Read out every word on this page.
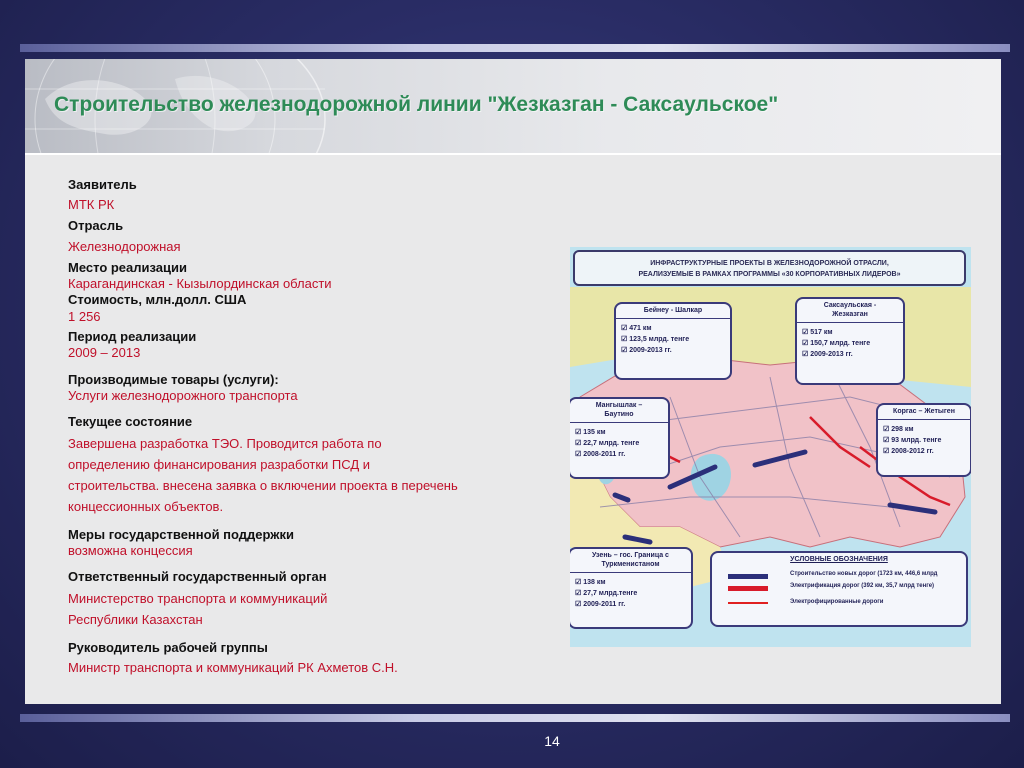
Строительство железнодорожной линии "Жезказган - Саксаульское"
Заявитель
МТК РК
Отрасль
Железнодорожная
Место реализации
Карагандинская - Кызылординская области
Стоимость, млн.долл. США
1 256
Период реализации
2009 – 2013
Производимые товары (услуги):
Услуги железнодорожного транспорта
Текущее состояние
Завершена разработка ТЭО. Проводится работа по
определению финансирования разработки ПСД и
строительства. внесена заявка о включении проекта в перечень
концессионных объектов.
Меры государственной поддержки
возможна концессия
Ответственный государственный орган
Министерство транспорта и коммуникаций
Республики Казахстан
Руководитель рабочей группы
Министр транспорта и коммуникаций РК Ахметов С.Н.
ИНФРАСТРУКТУРНЫЕ ПРОЕКТЫ В ЖЕЛЕЗНОДОРОЖНОЙ ОТРАСЛИ,
РЕАЛИЗУЕМЫЕ В РАМКАХ ПРОГРАММЫ «30 КОРПОРАТИВНЫХ ЛИДЕРОВ»
Бейнеу - Шалкар
☑ 471 км
☑ 123,5 млрд. тенге
☑ 2009-2013 гг.
Саксаульская -
Жезказган
☑ 517 км
☑ 150,7 млрд. тенге
☑ 2009-2013 гг.
Мангышлак –
Баутино
☑ 135 км
☑ 22,7 млрд. тенге
☑ 2008-2011 гг.
Коргас – Жетыген
☑ 298 км
☑ 93 млрд. тенге
☑ 2008-2012 гг.
Узень – гос. Граница с
Туркменистаном
☑ 138 км
☑ 27,7 млрд.тенге
☑ 2009-2011 гг.
УСЛОВНЫЕ ОБОЗНАЧЕНИЯ
Строительство новых дорог (1723 км, 446,6 млрд
Электрификация дорог (392 км, 35,7 млрд тенге)
Электрофицированные дороги
14
